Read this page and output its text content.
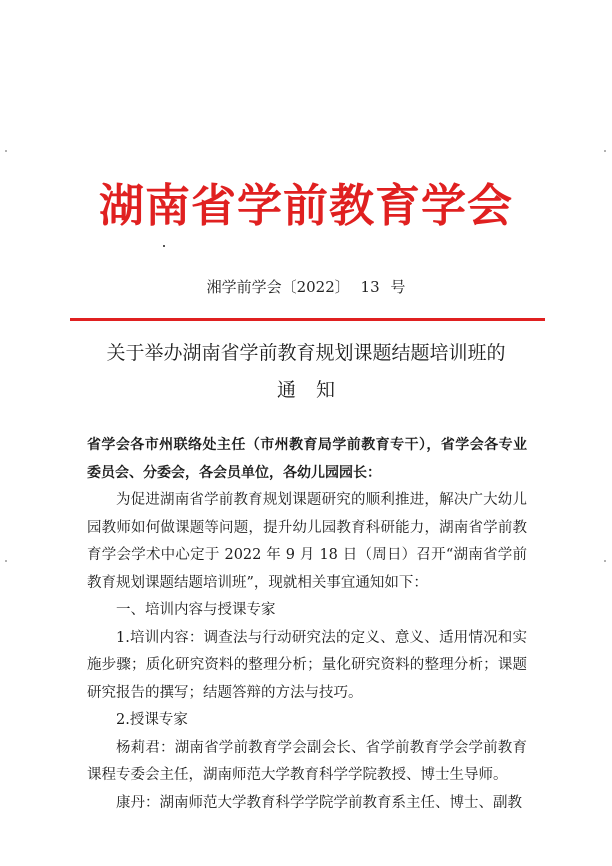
湖南省学前教育学会
湘学前学会〔2022〕 13 号
关于举办湖南省学前教育规划课题结题培训班的
通知

省学会各市州联络处主任（市州教育局学前教育专干），省学会各专业委员会、分委会，各会员单位，各幼儿园园长：

为促进湖南省学前教育规划课题研究的顺利推进，解决广大幼儿园教师如何做课题等问题，提升幼儿园教育科研能力，湖南省学前教育学会学术中心定于 2022 年 9 月 18 日（周日）召开“湖南省学前教育规划课题结题培训班”，现就相关事宜通知如下：

一、培训内容与授课专家

1.培训内容：调查法与行动研究法的定义、意义、适用情况和实施步骤；质化研究资料的整理分析；量化研究资料的整理分析；课题研究报告的撰写；结题答辩的方法与技巧。

2.授课专家

杨莉君：湖南省学前教育学会副会长、省学前教育学会学前教育课程专委会主任，湖南师范大学教育科学学院教授、博士生导师。

康丹：湖南师范大学教育科学学院学前教育系主任、博士、副教
